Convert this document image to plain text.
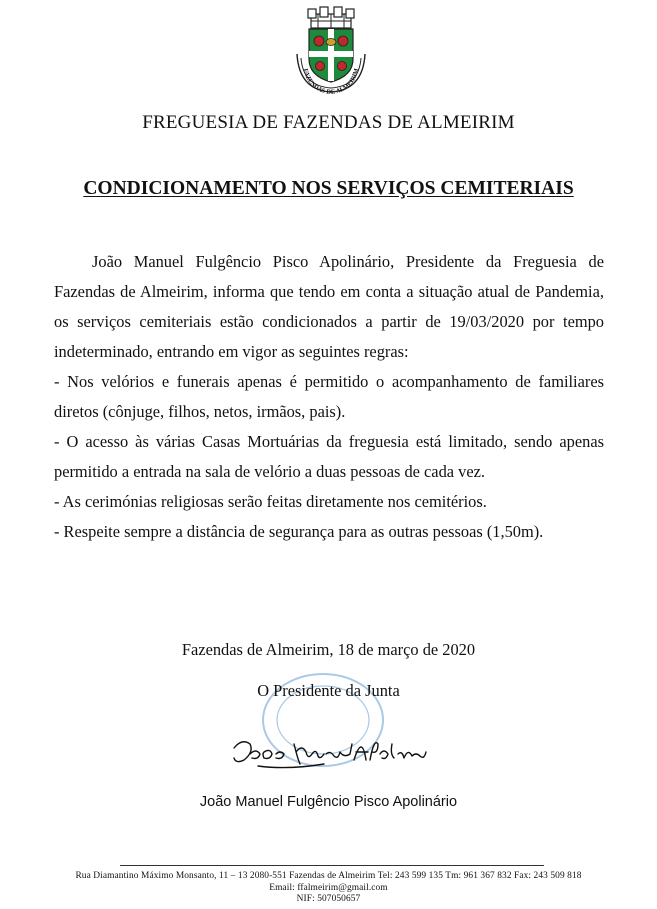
FAZENDAS DE ALMEIRIM
FREGUESIA DE FAZENDAS DE ALMEIRIM
CONDICIONAMENTO NOS SERVIÇOS CEMITERIAIS

João Manuel Fulgêncio Pisco Apolinário, Presidente da Freguesia de Fazendas de Almeirim, informa que tendo em conta a situação atual de Pandemia, os serviços cemiteriais estão condicionados a partir de 19/03/2020 por tempo indeterminado, entrando em vigor as seguintes regras:

- Nos velórios e funerais apenas é permitido o acompanhamento de familiares diretos (cônjuge, filhos, netos, irmãos, pais).

- O acesso às várias Casas Mortuárias da freguesia está limitado, sendo apenas permitido a entrada na sala de velório a duas pessoas de cada vez.

- As cerimónias religiosas serão feitas diretamente nos cemitérios.

- Respeite sempre a distância de segurança para as outras pessoas (1,50m).

Fazendas de Almeirim, 18 de março de 2020
O Presidente da Junta
João Manuel Fulgêncio Pisco Apolinário
Rua Diamantino Máximo Monsanto, 11 – 13 2080-551 Fazendas de Almeirim Tel: 243 599 135 Tm: 961 367 832 Fax: 243 509 818
Email: ffalmeirim@gmail.com
NIF: 507050657
